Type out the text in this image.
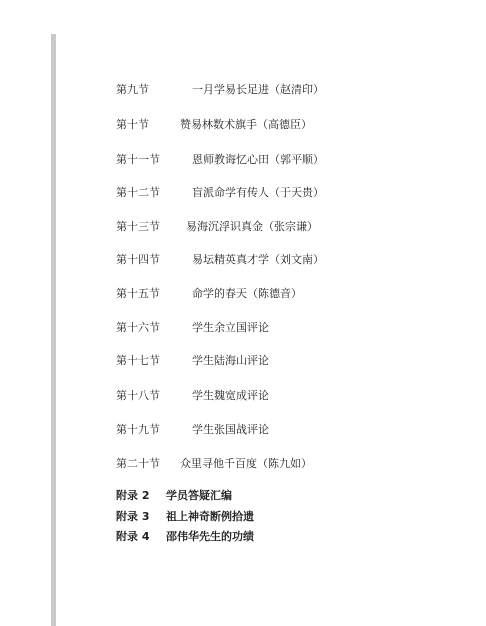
第九节	一月学易长足进（赵清印）
第十节	赞易林数术旗手（高德臣）
第十一节	恩师教诲忆心田（郭平顺）
第十二节	盲派命学有传人（于天贵）
第十三节 易海沉浮识真金（张宗谦）
第十四节	易坛精英真才学（刘文南）
第十五节	命学的春天（陈德音）
第十六节	学生余立国评论
第十七节	学生陆海山评论
第十八节	学生魏宽成评论
第十九节	学生张国战评论
第二十节 众里寻他千百度（陈九如）
附录 2 学员答疑汇编
附录 3 祖上神奇断例拾遗
附录 4 邵伟华先生的功绩
